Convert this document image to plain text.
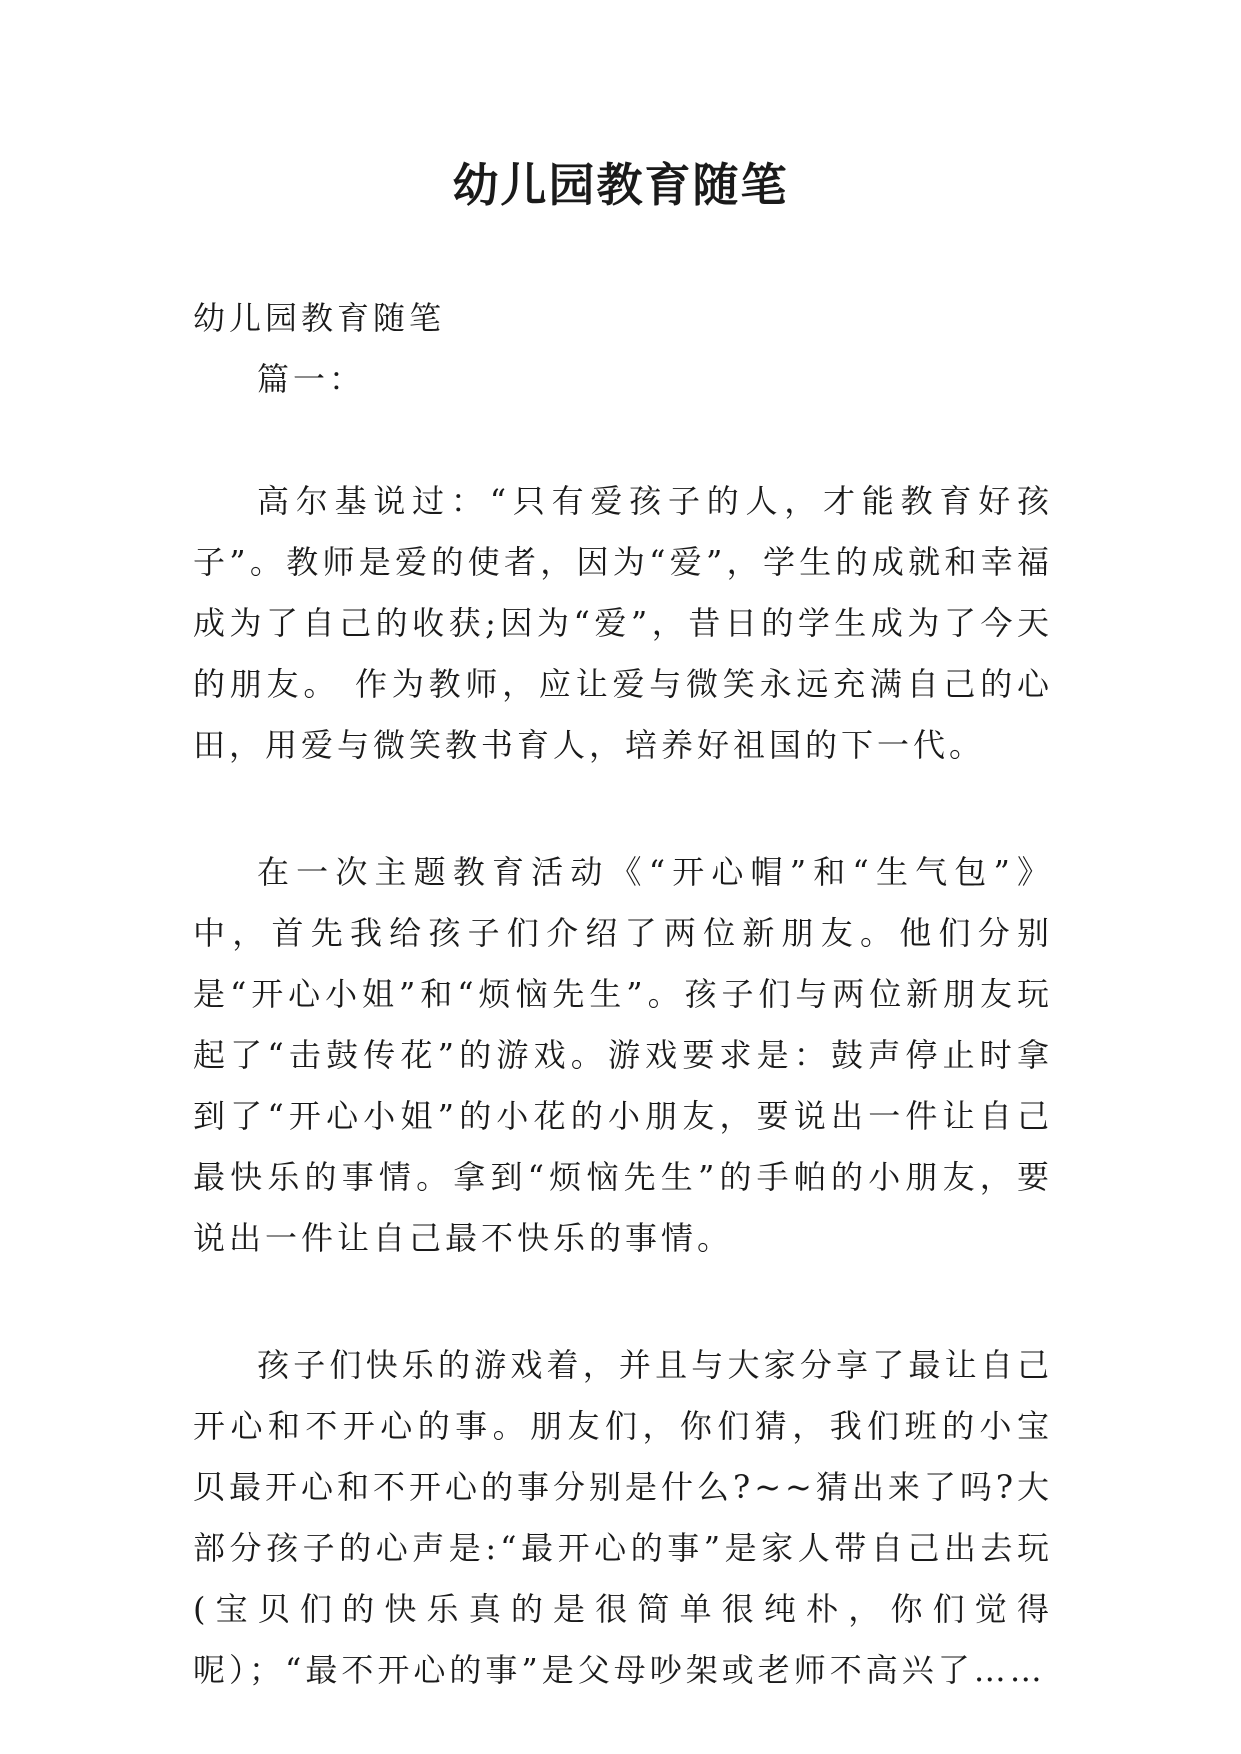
幼儿园教育随笔

幼儿园教育随笔

篇一：

高尔基说过：“只有爱孩子的人，才能教育好孩子”。教师是爱的使者，因为“爱”，学生的成就和幸福成为了自己的收获;因为“爱”，昔日的学生成为了今天的朋友。 作为教师，应让爱与微笑永远充满自己的心田，用爱与微笑教书育人，培养好祖国的下一代。

在一次主题教育活动《“开心帽”和“生气包”》中，首先我给孩子们介绍了两位新朋友。他们分别是“开心小姐”和“烦恼先生”。孩子们与两位新朋友玩起了“击鼓传花”的游戏。游戏要求是：鼓声停止时拿到了“开心小姐”的小花的小朋友，要说出一件让自己最快乐的事情。拿到“烦恼先生”的手帕的小朋友，要说出一件让自己最不快乐的事情。

孩子们快乐的游戏着，并且与大家分享了最让自己开心和不开心的事。朋友们，你们猜，我们班的小宝贝最开心和不开心的事分别是什么?~~猜出来了吗?大部分孩子的心声是:“最开心的事”是家人带自己出去玩(宝贝们的快乐真的是很简单很纯朴，你们觉得呢）；“最不开心的事”是父母吵架或老师不高兴了……
